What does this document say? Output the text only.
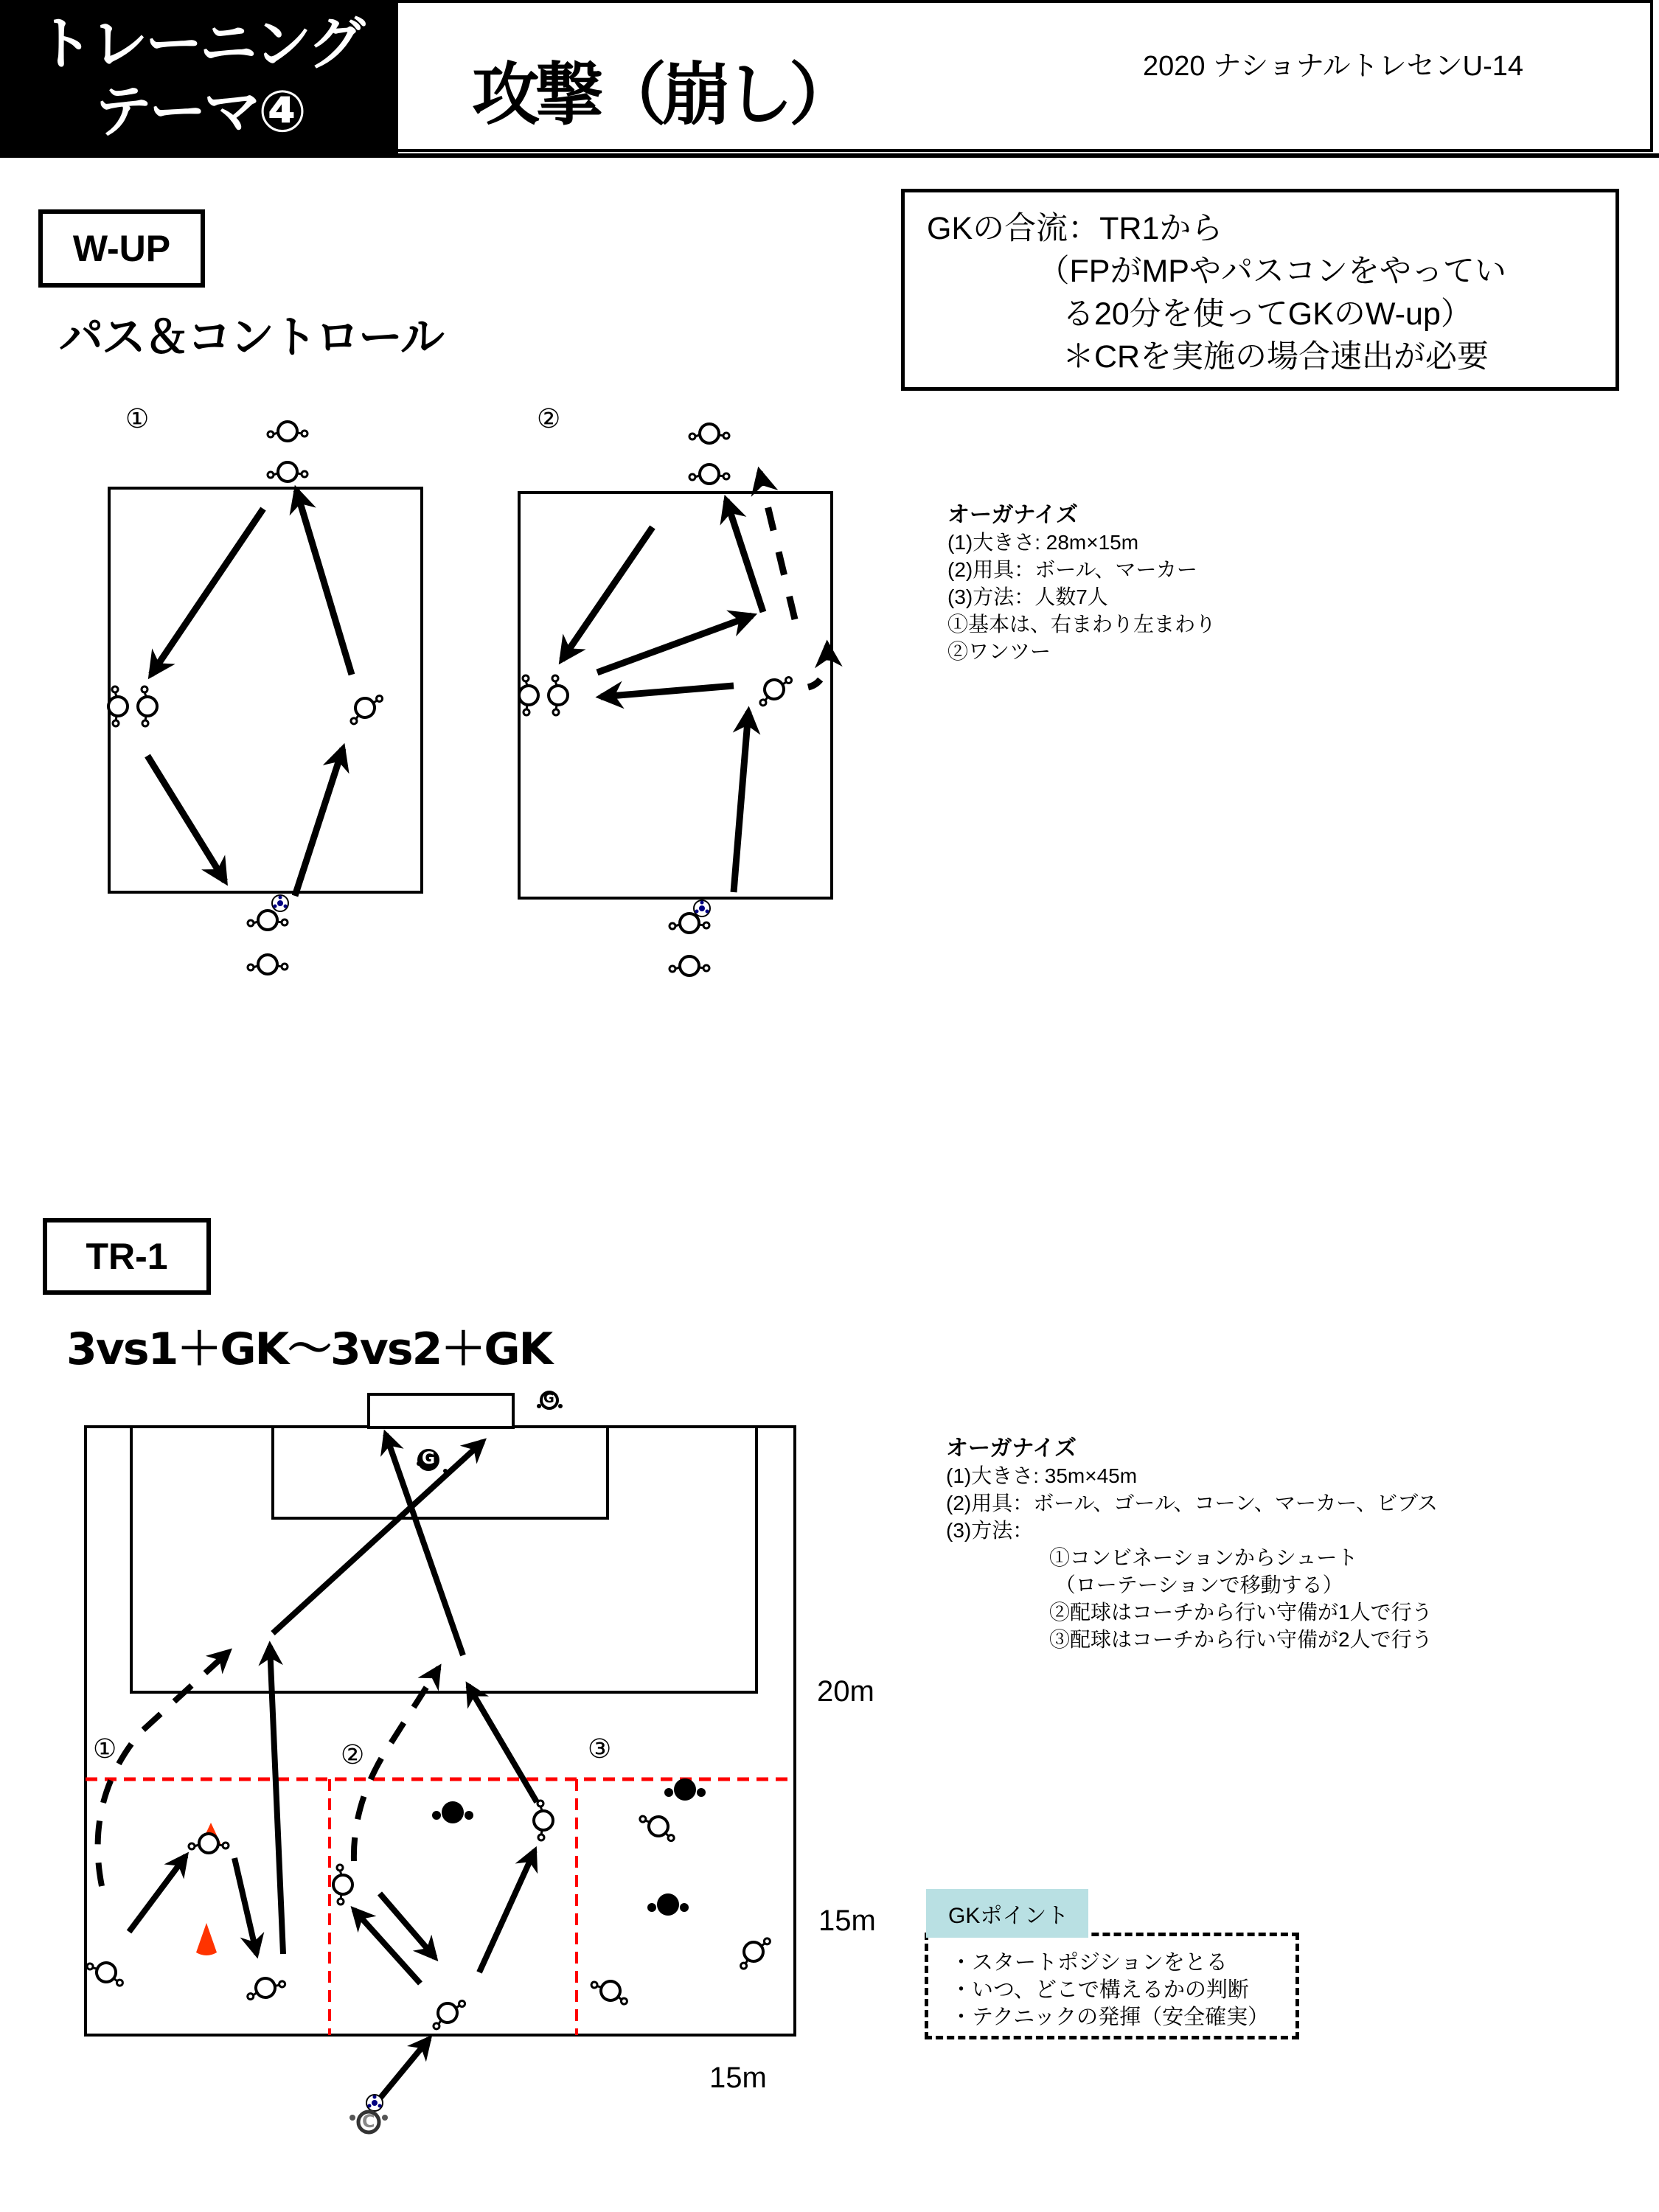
トレーニング
テーマ④ 攻撃（崩し）	2020 ナショナルトレセンU-14
W-UP
パス＆コントロール
GKの合流：TR1から
　　　　（FPがMPやパスコンをやってい
　　　　 る20分を使ってGKのW-up）
　　　　 ＊CRを実施の場合速出が必要
①	②
G
G
C
オーガナイズ
(1)大きさ: 28m×15m
(2)用具：ボール、マーカー
(3)方法：人数7人
①基本は、右まわり左まわり
②ワンツー
TR-1
3vs1＋GK〜3vs2＋GK
①	②	③
20m
15m
15m
オーガナイズ
(1)大きさ: 35m×45m
(2)用具：ボール、ゴール、コーン、マーカー、ビブス
(3)方法：
　　　　　①コンビネーションからシュート
　　　　　 （ローテーションで移動する）
　　　　　②配球はコーチから行い守備が1人で行う
　　　　　③配球はコーチから行い守備が2人で行う
・スタートポジションをとる
・いつ、どこで構えるかの判断
・テクニックの発揮（安全確実）
GKポイント
